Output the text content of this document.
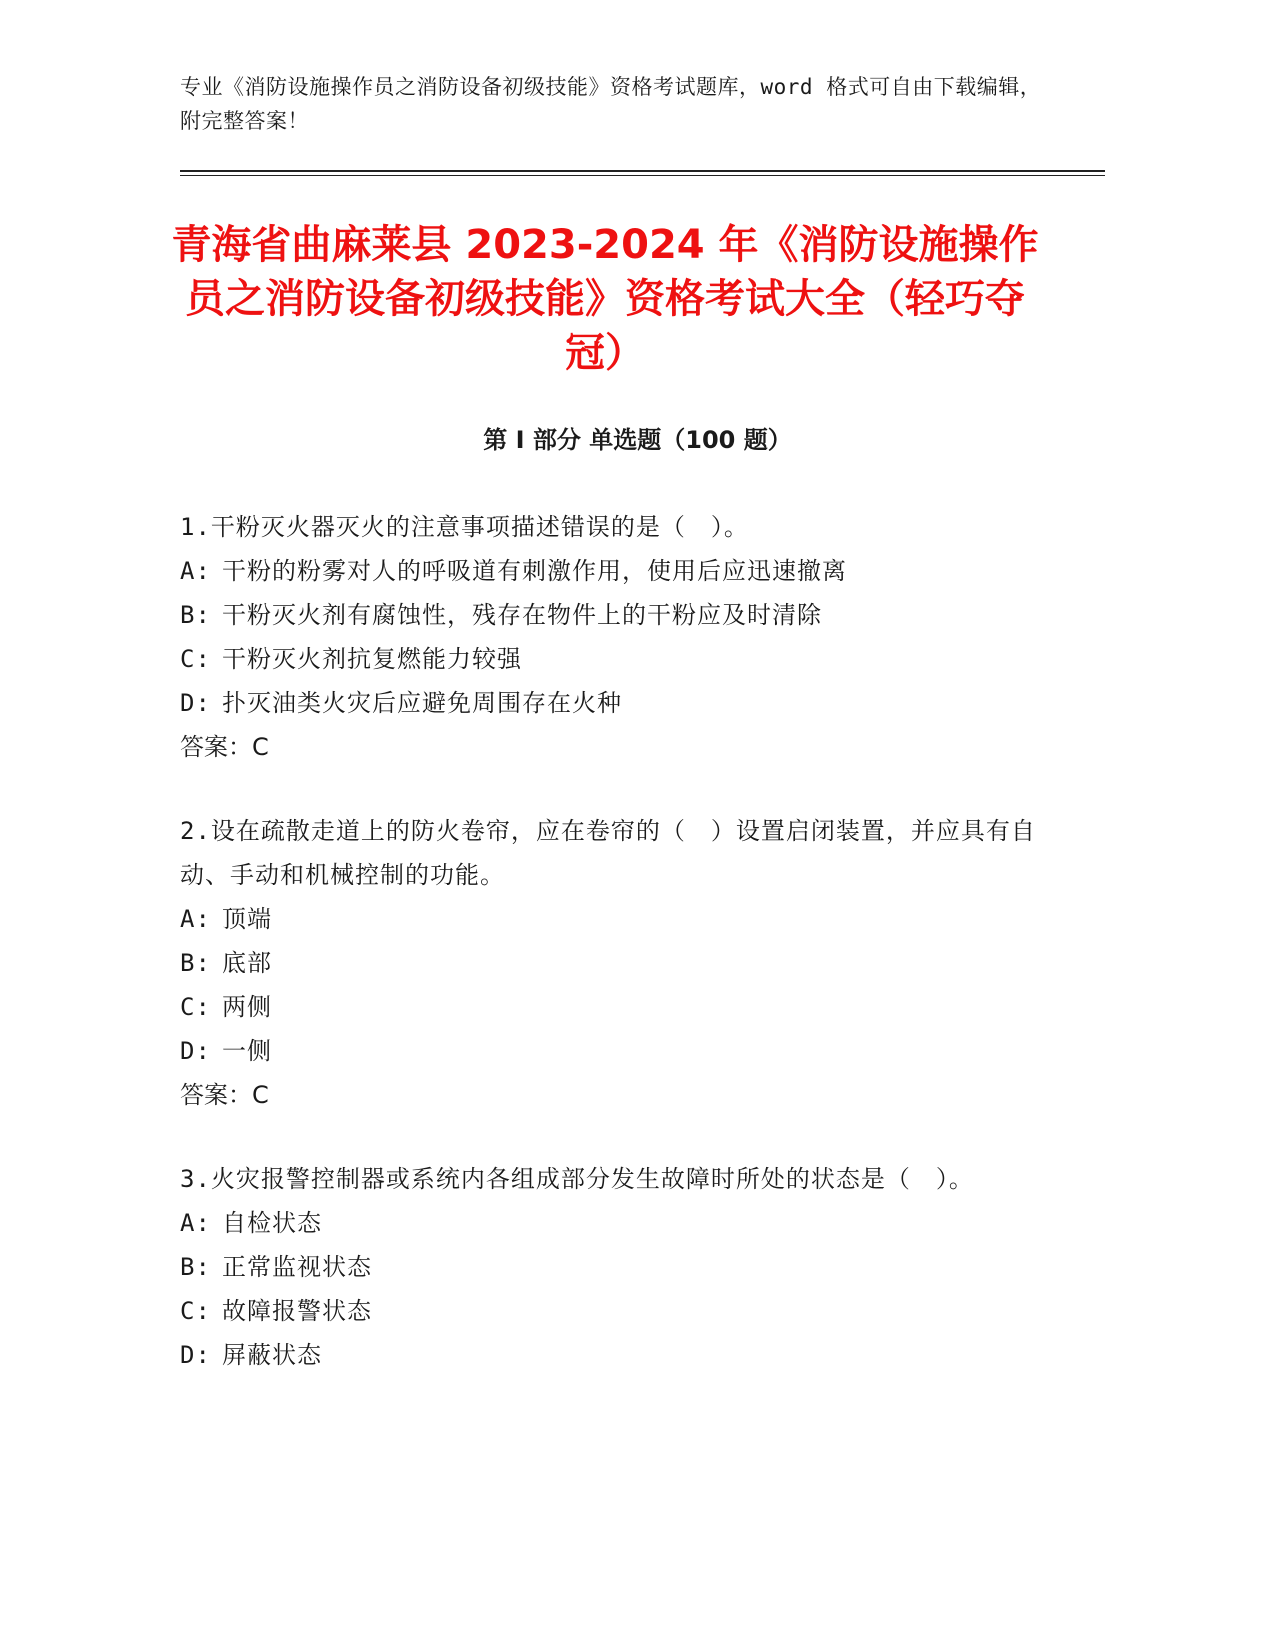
专业《消防设施操作员之消防设备初级技能》资格考试题库，word 格式可自由下载编辑，附完整答案！
青海省曲麻莱县 2023-2024 年《消防设施操作员之消防设备初级技能》资格考试大全（轻巧夺冠）
第 I 部分 单选题（100 题）
1.干粉灭火器灭火的注意事项描述错误的是（　）。
A: 干粉的粉雾对人的呼吸道有刺激作用，使用后应迅速撤离
B: 干粉灭火剂有腐蚀性，残存在物件上的干粉应及时清除
C: 干粉灭火剂抗复燃能力较强
D: 扑灭油类火灾后应避免周围存在火种
答案：C
2.设在疏散走道上的防火卷帘，应在卷帘的（　）设置启闭装置，并应具有自动、手动和机械控制的功能。
A: 顶端
B: 底部
C: 两侧
D: 一侧
答案：C
3.火灾报警控制器或系统内各组成部分发生故障时所处的状态是（　）。
A: 自检状态
B: 正常监视状态
C: 故障报警状态
D: 屏蔽状态
